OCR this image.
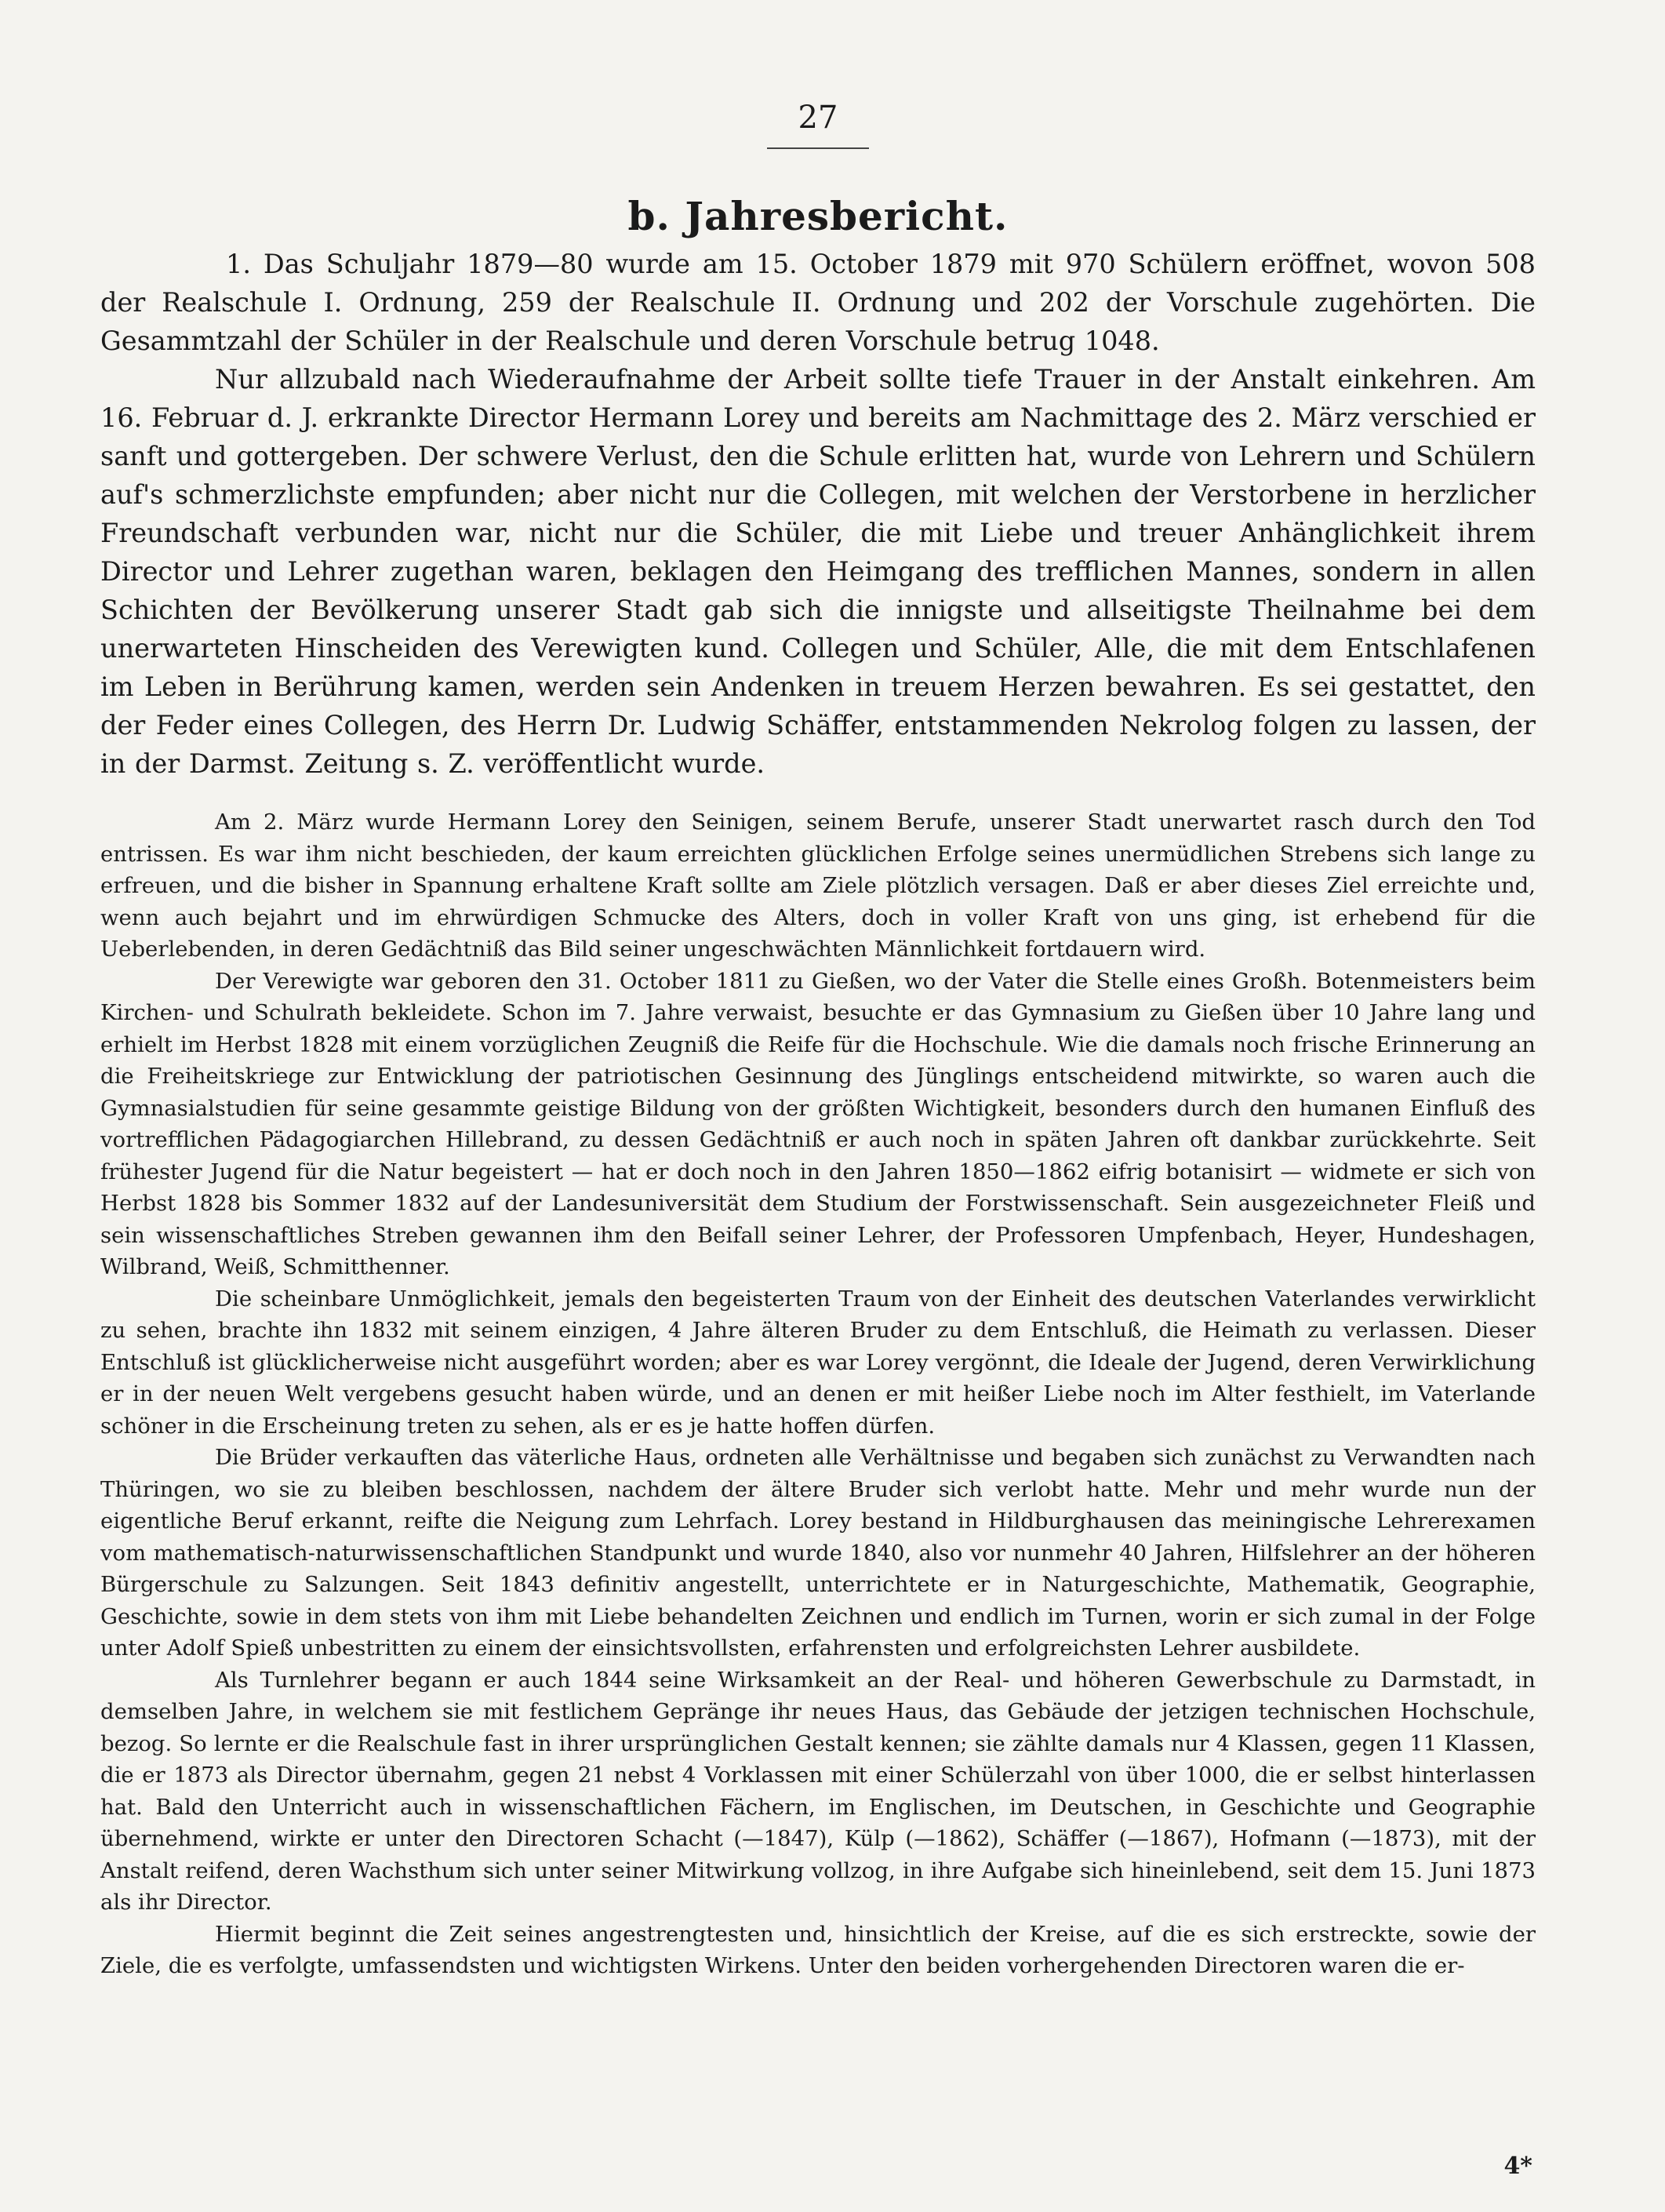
27
b. Jahresbericht.

1. Das Schuljahr 1879—80 wurde am 15. October 1879 mit 970 Schülern eröffnet, wovon 508 der Realschule I. Ordnung, 259 der Realschule II. Ordnung und 202 der Vorschule zugehörten. Die Gesammtzahl der Schüler in der Realschule und deren Vorschule betrug 1048.

Nur allzubald nach Wiederaufnahme der Arbeit sollte tiefe Trauer in der Anstalt einkehren. Am 16. Februar d. J. erkrankte Director Hermann Lorey und bereits am Nachmittage des 2. März verschied er sanft und gottergeben. Der schwere Verlust, den die Schule erlitten hat, wurde von Lehrern und Schülern auf's schmerzlichste empfunden; aber nicht nur die Collegen, mit welchen der Verstorbene in herzlicher Freundschaft verbunden war, nicht nur die Schüler, die mit Liebe und treuer Anhänglichkeit ihrem Director und Lehrer zugethan waren, beklagen den Heimgang des trefflichen Mannes, sondern in allen Schichten der Bevölkerung unserer Stadt gab sich die innigste und allseitigste Theilnahme bei dem unerwarteten Hinscheiden des Verewigten kund. Collegen und Schüler, Alle, die mit dem Entschlafenen im Leben in Berührung kamen, werden sein Andenken in treuem Herzen bewahren. Es sei gestattet, den der Feder eines Collegen, des Herrn Dr. Ludwig Schäffer, entstammenden Nekrolog folgen zu lassen, der in der Darmst. Zeitung s. Z. veröffentlicht wurde.

Am 2. März wurde Hermann Lorey den Seinigen, seinem Berufe, unserer Stadt unerwartet rasch durch den Tod entrissen. Es war ihm nicht beschieden, der kaum erreichten glücklichen Erfolge seines unermüdlichen Strebens sich lange zu erfreuen, und die bisher in Spannung erhaltene Kraft sollte am Ziele plötzlich versagen. Daß er aber dieses Ziel erreichte und, wenn auch bejahrt und im ehrwürdigen Schmucke des Alters, doch in voller Kraft von uns ging, ist erhebend für die Ueberlebenden, in deren Gedächtniß das Bild seiner ungeschwächten Männlichkeit fortdauern wird.

Der Verewigte war geboren den 31. October 1811 zu Gießen, wo der Vater die Stelle eines Großh. Botenmeisters beim Kirchen- und Schulrath bekleidete. Schon im 7. Jahre verwaist, besuchte er das Gymnasium zu Gießen über 10 Jahre lang und erhielt im Herbst 1828 mit einem vorzüglichen Zeugniß die Reife für die Hochschule. Wie die damals noch frische Erinnerung an die Freiheitskriege zur Entwicklung der patriotischen Gesinnung des Jünglings entscheidend mitwirkte, so waren auch die Gymnasialstudien für seine gesammte geistige Bildung von der größten Wichtigkeit, besonders durch den humanen Einfluß des vortrefflichen Pädagogiarchen Hillebrand, zu dessen Gedächtniß er auch noch in späten Jahren oft dankbar zurückkehrte. Seit frühester Jugend für die Natur begeistert — hat er doch noch in den Jahren 1850—1862 eifrig botanisirt — widmete er sich von Herbst 1828 bis Sommer 1832 auf der Landesuniversität dem Studium der Forstwissenschaft. Sein ausgezeichneter Fleiß und sein wissenschaftliches Streben gewannen ihm den Beifall seiner Lehrer, der Professoren Umpfenbach, Heyer, Hundeshagen, Wilbrand, Weiß, Schmitthenner.

Die scheinbare Unmöglichkeit, jemals den begeisterten Traum von der Einheit des deutschen Vaterlandes verwirklicht zu sehen, brachte ihn 1832 mit seinem einzigen, 4 Jahre älteren Bruder zu dem Entschluß, die Heimath zu verlassen. Dieser Entschluß ist glücklicherweise nicht ausgeführt worden; aber es war Lorey vergönnt, die Ideale der Jugend, deren Verwirklichung er in der neuen Welt vergebens gesucht haben würde, und an denen er mit heißer Liebe noch im Alter festhielt, im Vaterlande schöner in die Erscheinung treten zu sehen, als er es je hatte hoffen dürfen.

Die Brüder verkauften das väterliche Haus, ordneten alle Verhältnisse und begaben sich zunächst zu Verwandten nach Thüringen, wo sie zu bleiben beschlossen, nachdem der ältere Bruder sich verlobt hatte. Mehr und mehr wurde nun der eigentliche Beruf erkannt, reifte die Neigung zum Lehrfach. Lorey bestand in Hildburghausen das meiningische Lehrerexamen vom mathematisch-naturwissenschaftlichen Standpunkt und wurde 1840, also vor nunmehr 40 Jahren, Hilfslehrer an der höheren Bürgerschule zu Salzungen. Seit 1843 definitiv angestellt, unterrichtete er in Naturgeschichte, Mathematik, Geographie, Geschichte, sowie in dem stets von ihm mit Liebe behandelten Zeichnen und endlich im Turnen, worin er sich zumal in der Folge unter Adolf Spieß unbestritten zu einem der einsichtsvollsten, erfahrensten und erfolgreichsten Lehrer ausbildete.

Als Turnlehrer begann er auch 1844 seine Wirksamkeit an der Real- und höheren Gewerbschule zu Darmstadt, in demselben Jahre, in welchem sie mit festlichem Gepränge ihr neues Haus, das Gebäude der jetzigen technischen Hochschule, bezog. So lernte er die Realschule fast in ihrer ursprünglichen Gestalt kennen; sie zählte damals nur 4 Klassen, gegen 11 Klassen, die er 1873 als Director übernahm, gegen 21 nebst 4 Vorklassen mit einer Schülerzahl von über 1000, die er selbst hinterlassen hat. Bald den Unterricht auch in wissenschaftlichen Fächern, im Englischen, im Deutschen, in Geschichte und Geographie übernehmend, wirkte er unter den Directoren Schacht (—1847), Külp (—1862), Schäffer (—1867), Hofmann (—1873), mit der Anstalt reifend, deren Wachsthum sich unter seiner Mitwirkung vollzog, in ihre Aufgabe sich hineinlebend, seit dem 15. Juni 1873 als ihr Director.

Hiermit beginnt die Zeit seines angestrengtesten und, hinsichtlich der Kreise, auf die es sich erstreckte, sowie der Ziele, die es verfolgte, umfassendsten und wichtigsten Wirkens. Unter den beiden vorhergehenden Directoren waren die er-

4*
